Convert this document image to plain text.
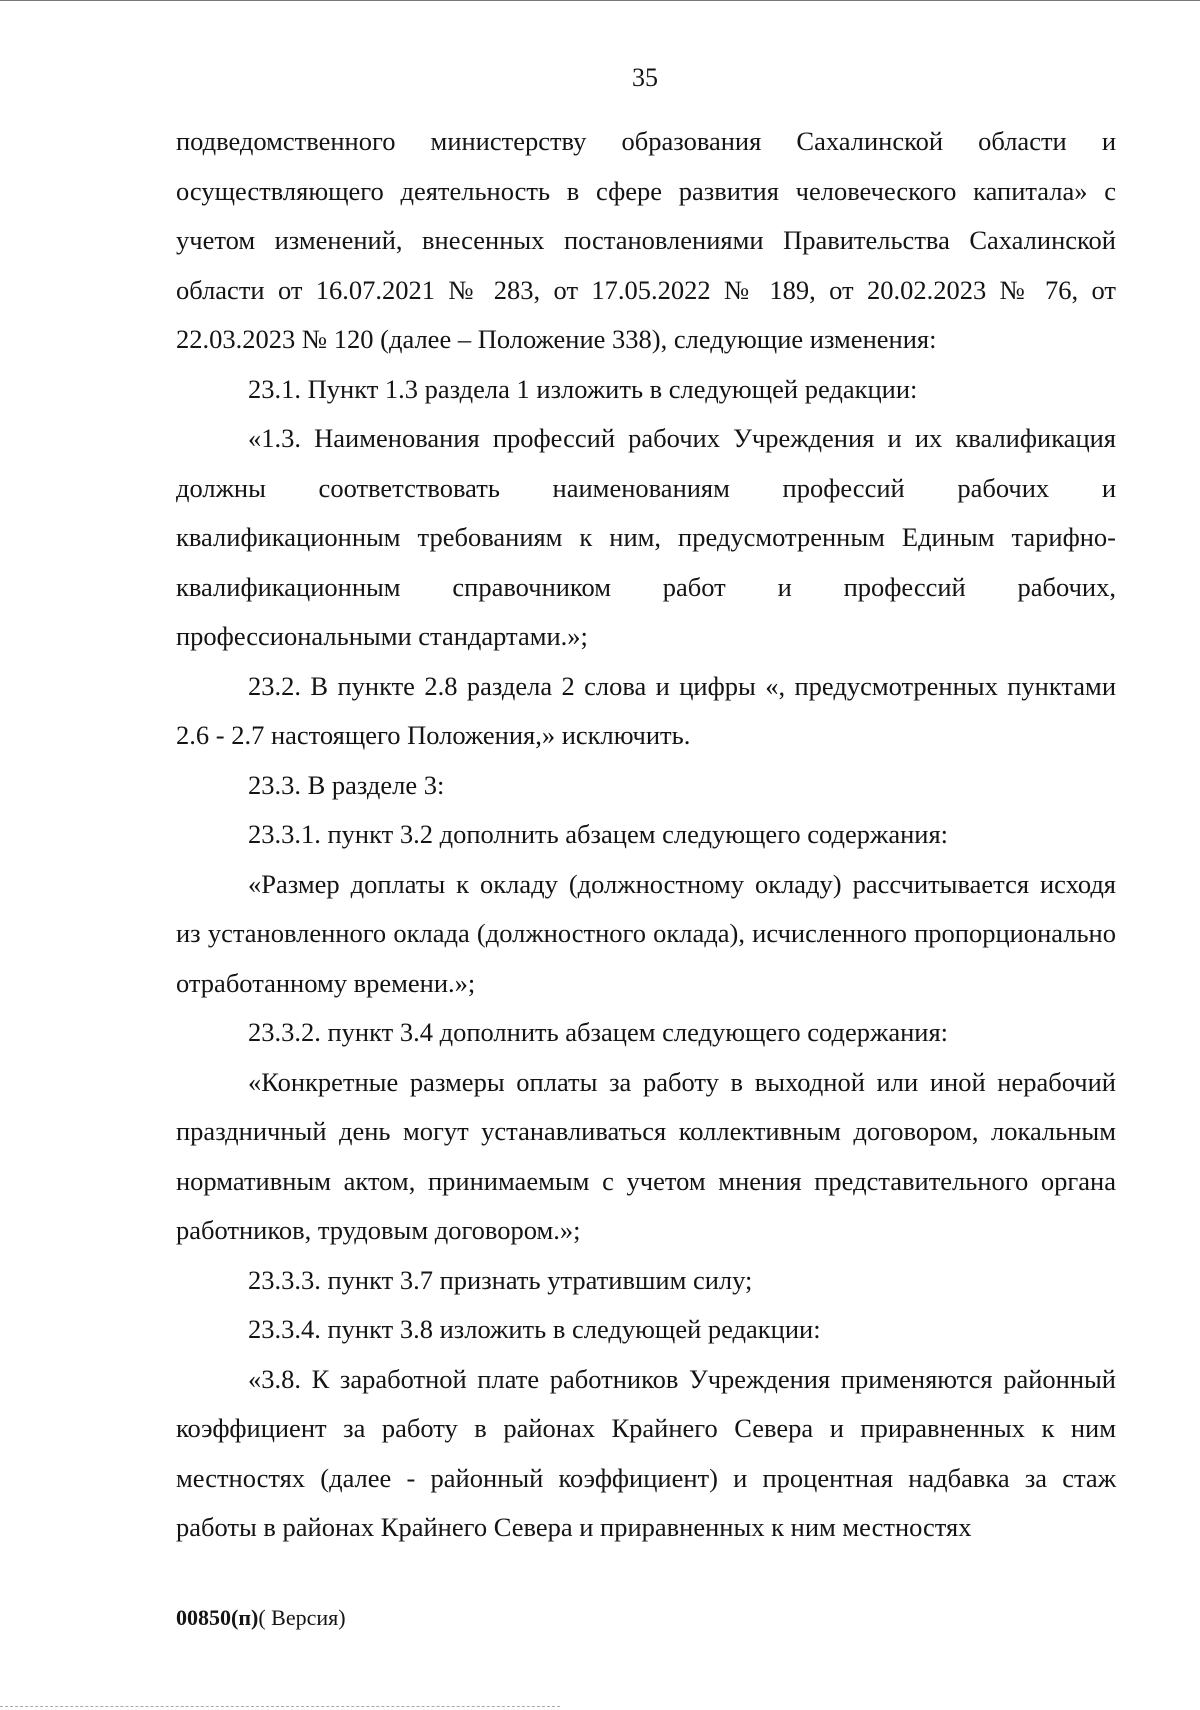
35

подведомственного министерству образования Сахалинской области и осуществляющего деятельность в сфере развития человеческого капитала» с учетом изменений, внесенных постановлениями Правительства Сахалинской области от 16.07.2021 № 283, от 17.05.2022 № 189, от 20.02.2023 № 76, от 22.03.2023 № 120 (далее – Положение 338), следующие изменения:

23.1. Пункт 1.3 раздела 1 изложить в следующей редакции:

«1.3. Наименования профессий рабочих Учреждения и их квалификация должны соответствовать наименованиям профессий рабочих и квалификационным требованиям к ним, предусмотренным Единым тарифно-квалификационным справочником работ и профессий рабочих, профессиональными стандартами.»;

23.2. В пункте 2.8 раздела 2 слова и цифры «, предусмотренных пунктами 2.6 - 2.7 настоящего Положения,» исключить.

23.3. В разделе 3:

23.3.1. пункт 3.2 дополнить абзацем следующего содержания:

«Размер доплаты к окладу (должностному окладу) рассчитывается исходя из установленного оклада (должностного оклада), исчисленного пропорционально отработанному времени.»;

23.3.2. пункт 3.4 дополнить абзацем следующего содержания:

«Конкретные размеры оплаты за работу в выходной или иной нерабочий праздничный день могут устанавливаться коллективным договором, локальным нормативным актом, принимаемым с учетом мнения представительного органа работников, трудовым договором.»;

23.3.3. пункт 3.7 признать утратившим силу;

23.3.4. пункт 3.8 изложить в следующей редакции:

«3.8. К заработной плате работников Учреждения применяются районный коэффициент за работу в районах Крайнего Севера и приравненных к ним местностях (далее - районный коэффициент) и процентная надбавка за стаж работы в районах Крайнего Севера и приравненных к ним местностях

00850(п)( Версия)
